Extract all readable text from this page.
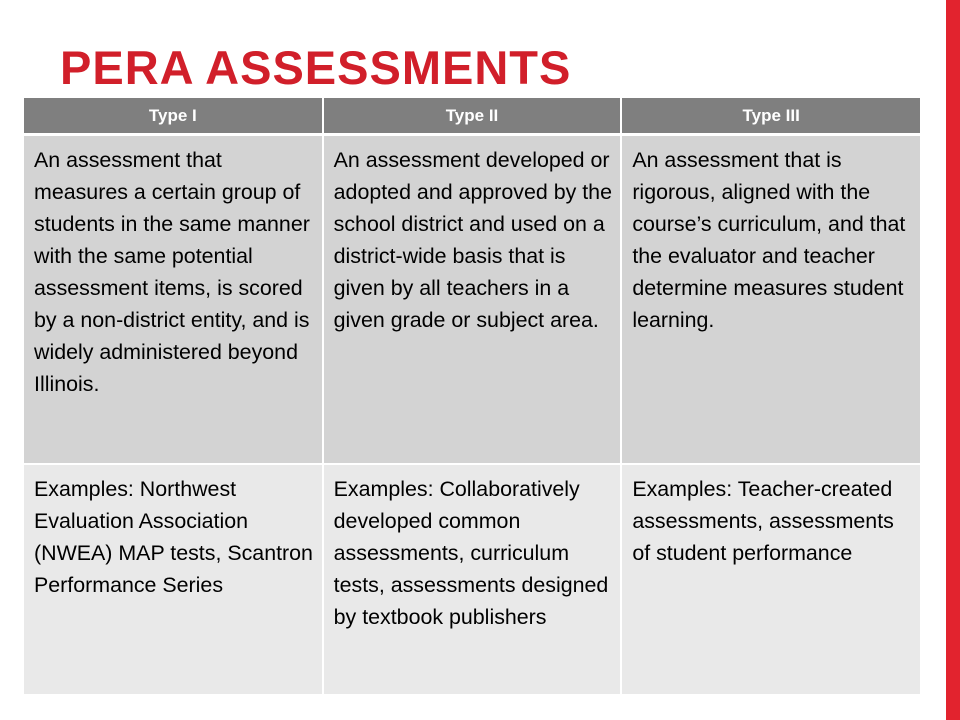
PERA ASSESSMENTS
Type I	Type II	Type III
An assessment that measures a certain group of students in the same manner with the same potential assessment items, is scored by a non-district entity, and is widely administered beyond Illinois.	An assessment developed or adopted and approved by the school district and used on a district-wide basis that is given by all teachers in a given grade or subject area.	An assessment that is rigorous, aligned with the course’s curriculum, and that the evaluator and teacher determine measures student learning.
Examples: Northwest Evaluation Association (NWEA) MAP tests, Scantron Performance Series	Examples: Collaboratively developed common assessments, curriculum tests, assessments designed by textbook publishers	Examples: Teacher-created assessments, assessments of student performance
